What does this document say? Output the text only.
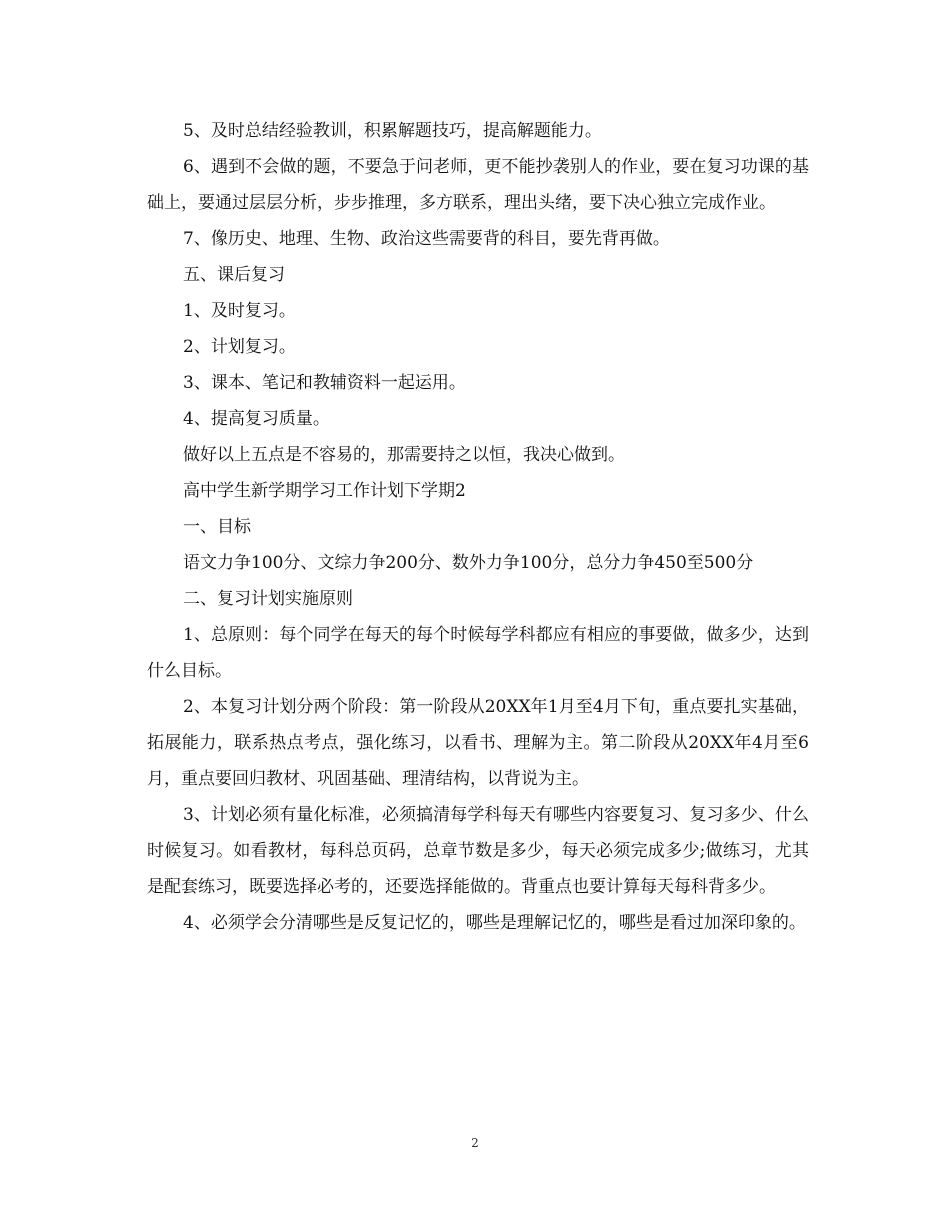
5、及时总结经验教训，积累解题技巧，提高解题能力。

6、遇到不会做的题，不要急于问老师，更不能抄袭别人的作业，要在复习功课的基础上，要通过层层分析，步步推理，多方联系，理出头绪，要下决心独立完成作业。

7、像历史、地理、生物、政治这些需要背的科目，要先背再做。

五、课后复习

1、及时复习。

2、计划复习。

3、课本、笔记和教辅资料一起运用。

4、提高复习质量。

做好以上五点是不容易的，那需要持之以恒，我决心做到。

高中学生新学期学习工作计划下学期2

一、目标

语文力争100分、文综力争200分、数外力争100分，总分力争450至500分

二、复习计划实施原则

1、总原则：每个同学在每天的每个时候每学科都应有相应的事要做，做多少，达到什么目标。

2、本复习计划分两个阶段：第一阶段从20XX年1月至4月下旬，重点要扎实基础，拓展能力，联系热点考点，强化练习，以看书、理解为主。第二阶段从20XX年4月至6月，重点要回归教材、巩固基础、理清结构，以背说为主。

3、计划必须有量化标准，必须搞清每学科每天有哪些内容要复习、复习多少、什么时候复习。如看教材，每科总页码，总章节数是多少，每天必须完成多少;做练习，尤其是配套练习，既要选择必考的，还要选择能做的。背重点也要计算每天每科背多少。

4、必须学会分清哪些是反复记忆的，哪些是理解记忆的，哪些是看过加深印象的。

2
